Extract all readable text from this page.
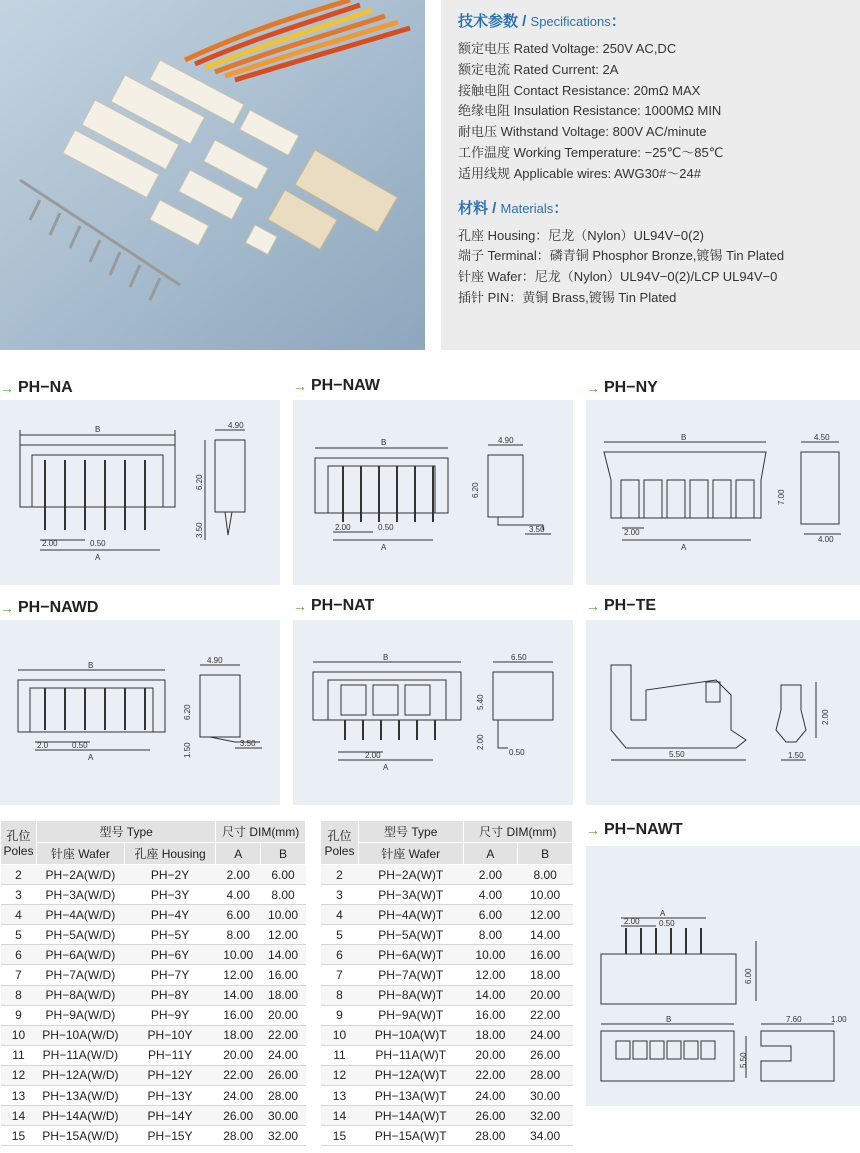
技术参数 / Specifications：
额定电压 Rated Voltage: 250V AC,DC
额定电流 Rated Current: 2A
接触电阻 Contact Resistance: 20mΩ MAX
绝缘电阻 Insulation Resistance: 1000MΩ MIN
耐电压 Withstand Voltage: 800V AC/minute
工作温度 Working Temperature: −25℃～85℃
适用线规 Applicable wires: AWG30#～24#
材料 / Materials：
孔座 Housing：尼龙（Nylon）UL94V−0(2)
端子 Terminal：磷青铜 Phosphor Bronze,镀锡 Tin Plated
针座 Wafer：尼龙（Nylon）UL94V−0(2)/LCP UL94V−0
插针 PIN：黄铜 Brass,镀锡 Tin Plated
→ PH−NA	→ PH−NAW	→ PH−NY
→ PH−NAWD	→ PH−NAT	→ PH−TE
→ PH−NAWT
B
A
4.90
6.20
3.50
2.00	0.50
B
A
4.90
6.20
3.50
2.00	0.50
B
A
4.50
7.00
4.00
2.00
B
A
4.90
6.20
1.50	3.50
2.0	0.50
B
A
6.50
5.40
2.00
0.50
2.00	5.50
2.00
1.50
A
2.00 0.50
6.00
B	7.60	1.00
5.50
孔位
Poles	型号 Type		尺寸 DIM(mm)	
	针座 Wafer	孔座 Housing	A	B
2	PH−2A(W/D)	PH−2Y	2.00	6.00
3	PH−3A(W/D)	PH−3Y	4.00	8.00
4	PH−4A(W/D)	PH−4Y	6.00	10.00
5	PH−5A(W/D)	PH−5Y	8.00	12.00
6	PH−6A(W/D)	PH−6Y	10.00	14.00
7	PH−7A(W/D)	PH−7Y	12.00	16.00
8	PH−8A(W/D)	PH−8Y	14.00	18.00
9	PH−9A(W/D)	PH−9Y	16.00	20.00
10	PH−10A(W/D)	PH−10Y	18.00	22.00
11	PH−11A(W/D)	PH−11Y	20.00	24.00
12	PH−12A(W/D)	PH−12Y	22.00	26.00
13	PH−13A(W/D)	PH−13Y	24.00	28.00
14	PH−14A(W/D)	PH−14Y	26.00	30.00
15	PH−15A(W/D)	PH−15Y	28.00	32.00
孔位
Poles	型号 Type	尺寸 DIM(mm)	
	针座 Wafer	A	B
2	PH−2A(W)T	2.00	8.00
3	PH−3A(W)T	4.00	10.00
4	PH−4A(W)T	6.00	12.00
5	PH−5A(W)T	8.00	14.00
6	PH−6A(W)T	10.00	16.00
7	PH−7A(W)T	12.00	18.00
8	PH−8A(W)T	14.00	20.00
9	PH−9A(W)T	16.00	22.00
10	PH−10A(W)T	18.00	24.00
11	PH−11A(W)T	20.00	26.00
12	PH−12A(W)T	22.00	28.00
13	PH−13A(W)T	24.00	30.00
14	PH−14A(W)T	26.00	32.00
15	PH−15A(W)T	28.00	34.00
